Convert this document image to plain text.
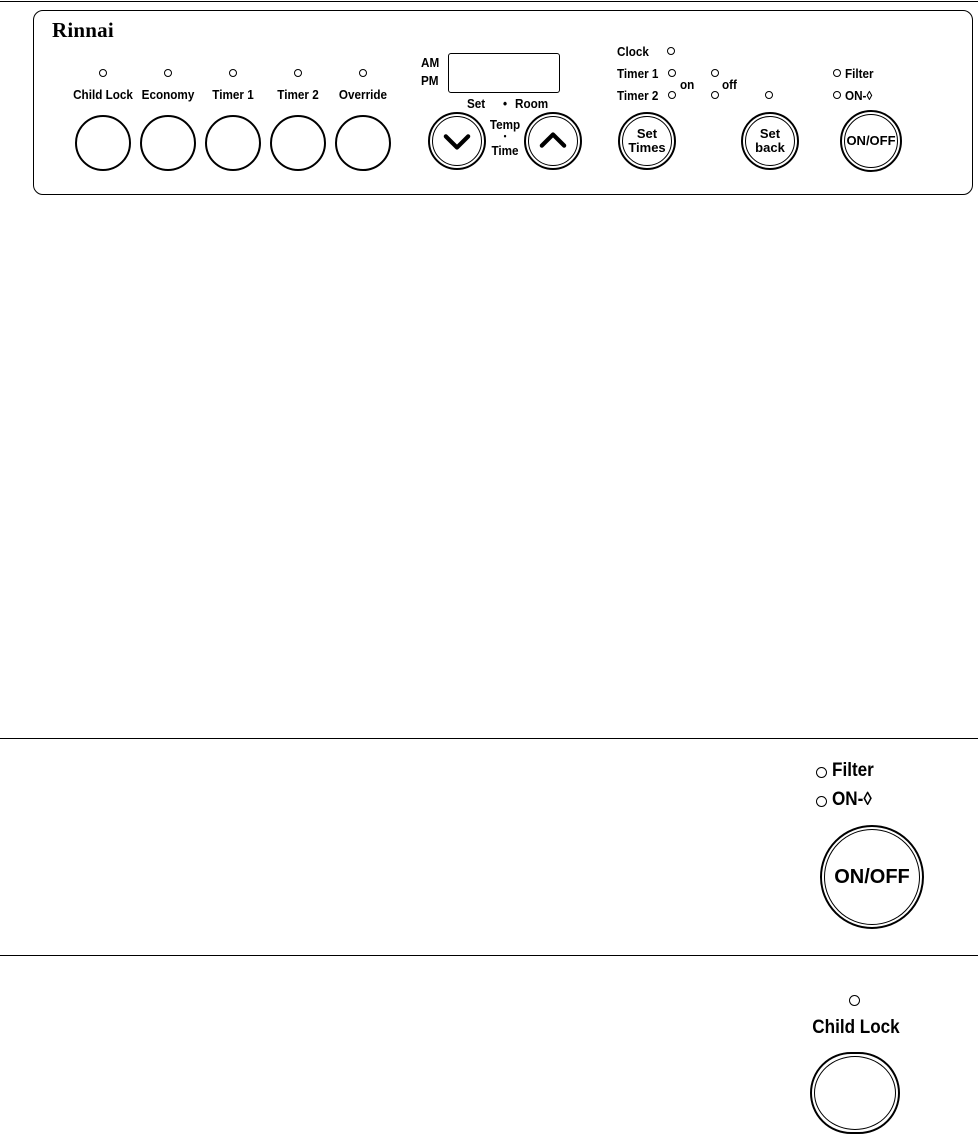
Rinnai
Child Lock Economy Timer 1 Timer 2 Override
AM
PM
Set • Room
Temp
•
Time
Clock
Timer 1
Timer 2
on off
Set
Times
Set
back
Filter
ON-◊
ON/OFF
Filter
ON-◊
ON/OFF
Child Lock
